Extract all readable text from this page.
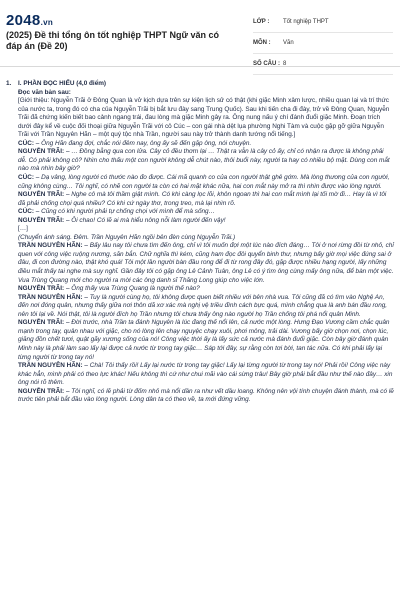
2048.vn
(2025) Đề thi tổng ôn tốt nghiệp THPT Ngữ văn có đáp án (Đề 20)
LỚP :	Tốt nghiệp THPT
MÔN :	Văn
SỐ CÂU : 8

1. I. PHẦN ĐỌC HIỂU (4,0 điểm)

Đọc văn bản sau:

[Giới thiệu: Nguyễn Trãi ở Đông Quan là vở kịch dựa trên sự kiện lịch sử có thật (khi giặc Minh xâm lược, nhiều quan lại và trí thức của nước ta, trong đó có cha của Nguyễn Trãi bị bắt lưu đày sang Trung Quốc). Sau khi tiến cha đi đày, trở về Đông Quan, Nguyễn Trãi đã chứng kiến biết bao cảnh ngang trái, đau lòng mà giặc Minh gây ra. Ông nung nấu ý chí đánh đuổi giặc Minh. Đoạn trích dưới đây kể về cuộc đối thoại giữa Nguyễn Trãi với cô Cúc – con gái nhà dệt lụa phường Nghi Tàm và cuộc gặp gỡ giữa Nguyễn Trãi với Trần Nguyên Hãn – một quý tộc nhà Trần, người sau này trở thành danh tướng nổi tiếng.]

CÚC: – Ông Hãn đang đợi, chắc nói đêm nay, ông ấy sẽ đến gặp ông, nói chuyện.

NGUYỄN TRÃI: – … Đồng bằng qua con lửa. Cây cỏ đều thơm lại … Thật ra vẫn là cây cỏ ấy, chỉ có nhận ra được là không phải dễ. Có phải không cô? Nhìn cho thấu một con người không dễ chút nào, thôi buổi này, người ta hay có nhiều bộ mặt. Dùng con mắt nào mà nhìn bây giờ?

CÚC: – Dạ vâng, lòng người có thước nào đo được. Cái mã quanh co của con người thật ghê gớm. Mà lòng thương của con người, cũng không cùng… Tôi nghĩ, có nhẽ con người ta còn có hai mặt khác nữa, hai con mắt này mở ra thì nhìn được vào lòng người.

NGUYỄN TRÃI: – Nghe cô mà tôi thầm giật mình. Có khi càng lọc lõi, khôn ngoan thì hai con mắt mình lại tối mờ đi… Hay là vì tôi đã phải chống chọi quá nhiều? Có khi cứ ngày thơ, trong treo, mà lại nhìn rõ.

CÚC: – Cũng có khi người phải tự chống chọi với mình để mà sống…

NGUYỄN TRÃI: – Ôi chao! Có lẽ ai mà hiểu nông nỗi làm người đến vậy!

[…]

(Chuyển ánh sáng. Đêm. Trần Nguyên Hãn ngồi bên đèn cùng Nguyễn Trãi.)

TRẦN NGUYÊN HÃN: – Bấy lâu nay tôi chưa tìm đến ông, chỉ vì tôi muốn đợi một lúc nào đích đáng… Tôi ở nơi rừng đồi từ nhỏ, chỉ quen với công việc ruộng nương, săn bắn. Chữ nghĩa thì kém, cũng ham đọc đôi quyển binh thư, nhưng bấy giờ mọi việc đúng sai ở đâu, đi con đường nào, thật khó quá! Tôi một lần người bàn đầu rong để đi từ rong đây đó, gặp được nhiều hạng người, lấy những điều mắt thấy tai nghe mà suy nghĩ. Gần đây tôi có gặp ông Lê Cảnh Tuân, ông Lê có ý tìm ông cùng mấy ông nữa, để bàn một việc. Vua Trùng Quang mới cho người ra mời các ông danh sĩ Thăng Long giúp cho việc lớn.

NGUYỄN TRÃI: – Ông thấy vua Trùng Quang là người thế nào?

TRẦN NGUYÊN HÃN: – Tuy là người cùng họ, tôi không được quen biết nhiều với bên nhà vua. Tôi cũng đã có tìm vào Nghệ An, đến nơi đóng quân, nhưng thấy giữa nơi thôn dã xơ xác mà nghị vệ triều đình cách bực quá, mình chẳng qua là anh bán đầu rong, nên tôi lại về. Nói thật, tôi là người đích họ Trần nhưng tôi chưa thấy ông nào người họ Trần chống tôi phá nổi quân Minh.

NGUYỄN TRÃI: – Đời trước, nhà Trần ta đánh Nguyên là lúc đang thế nổi lên, cả nước một lòng. Hưng Đạo Vương cầm chắc quân mạnh trong tay, quân nhau với giặc, cho nó lòng lên chạy nguyệc chạy xuôi, phơi mông, trải dài. Vương bấy giờ chọn nơi, chọn lúc, giăng đồn chết tươi, quật gãy xương sống của nó! Công việc thời ấy là lấy sức cả nước mà đánh đuổi giặc. Còn bây giờ đánh quân Minh này là phải làm sao lấy lại được cả nước từ trong tay giặc… Sáp tới đây, sự rằng còn tơi bời, tan tác nữa. Có khi phải lấy lại từng người từ trong tay nó!

TRẦN NGUYÊN HÃN: – Chà! Tôi thấy rồi! Lấy lại nước từ trong tay giặc! Lấy lại từng người từ trong tay nó! Phải rồi! Công việc này khác hẳn, mình phải có theo lực khác! Nếu không thì cứ như chui mãi vào cái sừng trâu! Bây giờ phải bắt đầu như thế nào đây… xin ông nói rõ thêm.

NGUYỄN TRÃI: – Tôi nghĩ, có lẽ phải từ đốm nhỏ mà nổi dần ra như vết dầu loang. Không nên vội tính chuyện đánh thành, mà có lẽ trước tiên phải bắt đầu vào lòng người. Lòng dân ta có theo về, ta mới đứng vững.
